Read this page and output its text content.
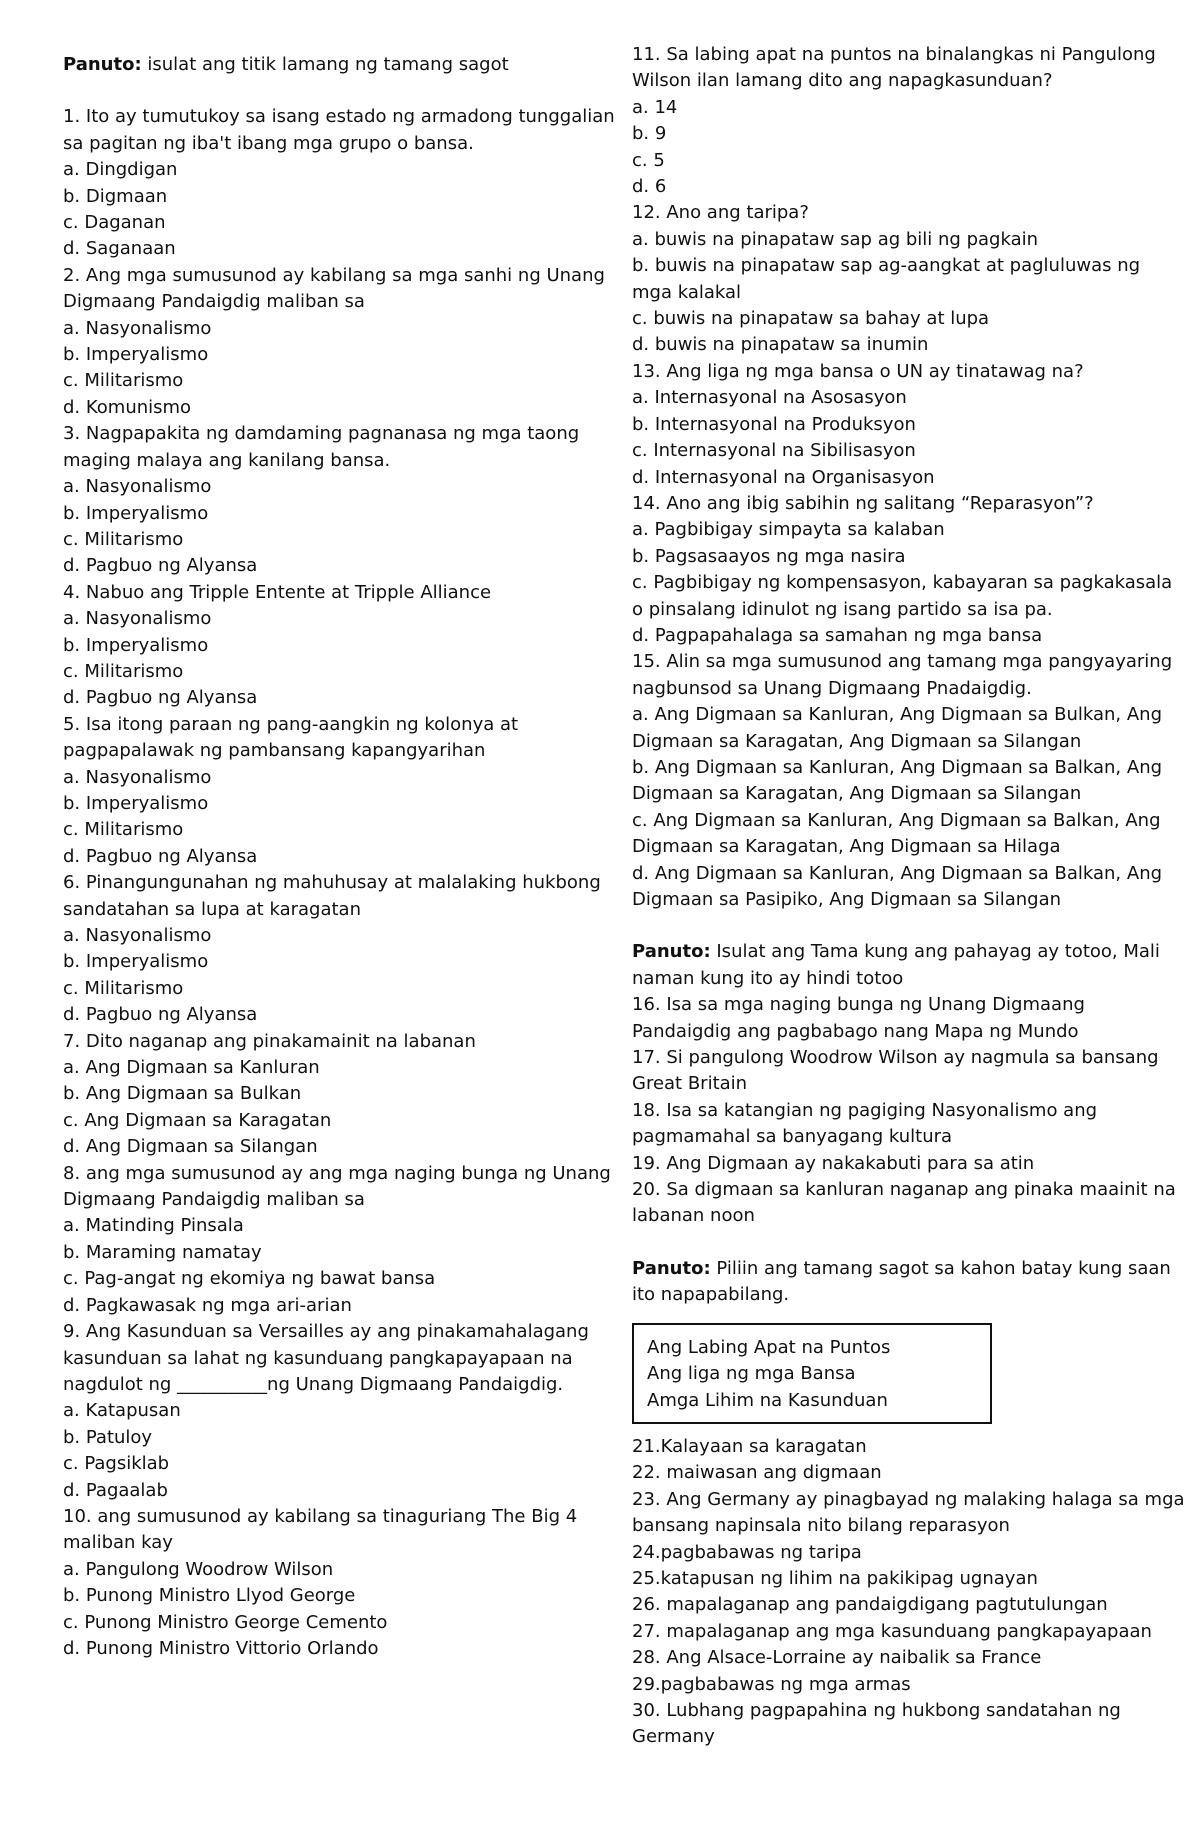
Panuto: isulat ang titik lamang ng tamang sagot
1. Ito ay tumutukoy sa isang estado ng armadong tunggalian
sa pagitan ng iba't ibang mga grupo o bansa.
a. Dingdigan
b. Digmaan
c. Daganan
d. Saganaan
2. Ang mga sumusunod ay kabilang sa mga sanhi ng Unang
Digmaang Pandaigdig maliban sa
a. Nasyonalismo
b. Imperyalismo
c. Militarismo
d. Komunismo
3. Nagpapakita ng damdaming pagnanasa ng mga taong
maging malaya ang kanilang bansa.
a. Nasyonalismo
b. Imperyalismo
c. Militarismo
d. Pagbuo ng Alyansa
4. Nabuo ang Tripple Entente at Tripple Alliance
a. Nasyonalismo
b. Imperyalismo
c. Militarismo
d. Pagbuo ng Alyansa
5. Isa itong paraan ng pang-aangkin ng kolonya at
pagpapalawak ng pambansang kapangyarihan
a. Nasyonalismo
b. Imperyalismo
c. Militarismo
d. Pagbuo ng Alyansa
6. Pinangungunahan ng mahuhusay at malalaking hukbong
sandatahan sa lupa at karagatan
a. Nasyonalismo
b. Imperyalismo
c. Militarismo
d. Pagbuo ng Alyansa
7. Dito naganap ang pinakamainit na labanan
a. Ang Digmaan sa Kanluran
b. Ang Digmaan sa Bulkan
c. Ang Digmaan sa Karagatan
d. Ang Digmaan sa Silangan
8. ang mga sumusunod ay ang mga naging bunga ng Unang
Digmaang Pandaigdig maliban sa
a. Matinding Pinsala
b. Maraming namatay
c. Pag-angat ng ekomiya ng bawat bansa
d. Pagkawasak ng mga ari-arian
9. Ang Kasunduan sa Versailles ay ang pinakamahalagang
kasunduan sa lahat ng kasunduang pangkapayapaan na
nagdulot ng __________ng Unang Digmaang Pandaigdig.
a. Katapusan
b. Patuloy
c. Pagsiklab
d. Pagaalab
10. ang sumusunod ay kabilang sa tinaguriang The Big 4
maliban kay
a. Pangulong Woodrow Wilson
b. Punong Ministro Llyod George
c. Punong Ministro George Cemento
d. Punong Ministro Vittorio Orlando
11. Sa labing apat na puntos na binalangkas ni Pangulong
Wilson ilan lamang dito ang napagkasunduan?
a. 14
b. 9
c. 5
d. 6
12. Ano ang taripa?
a. buwis na pinapataw sap ag bili ng pagkain
b. buwis na pinapataw sap ag-aangkat at pagluluwas ng
mga kalakal
c. buwis na pinapataw sa bahay at lupa
d. buwis na pinapataw sa inumin
13. Ang liga ng mga bansa o UN ay tinatawag na?
a. Internasyonal na Asosasyon
b. Internasyonal na Produksyon
c. Internasyonal na Sibilisasyon
d. Internasyonal na Organisasyon
14. Ano ang ibig sabihin ng salitang “Reparasyon”?
a. Pagbibigay simpayta sa kalaban
b. Pagsasaayos ng mga nasira
c. Pagbibigay ng kompensasyon, kabayaran sa pagkakasala
o pinsalang idinulot ng isang partido sa isa pa.
d. Pagpapahalaga sa samahan ng mga bansa
15. Alin sa mga sumusunod ang tamang mga pangyayaring
nagbunsod sa Unang Digmaang Pnadaigdig.
a. Ang Digmaan sa Kanluran, Ang Digmaan sa Bulkan, Ang
Digmaan sa Karagatan, Ang Digmaan sa Silangan
b. Ang Digmaan sa Kanluran, Ang Digmaan sa Balkan, Ang
Digmaan sa Karagatan, Ang Digmaan sa Silangan
c. Ang Digmaan sa Kanluran, Ang Digmaan sa Balkan, Ang
Digmaan sa Karagatan, Ang Digmaan sa Hilaga
d. Ang Digmaan sa Kanluran, Ang Digmaan sa Balkan, Ang
Digmaan sa Pasipiko, Ang Digmaan sa Silangan
Panuto: Isulat ang Tama kung ang pahayag ay totoo, Mali
naman kung ito ay hindi totoo
16. Isa sa mga naging bunga ng Unang Digmaang
Pandaigdig ang pagbabago nang Mapa ng Mundo
17. Si pangulong Woodrow Wilson ay nagmula sa bansang
Great Britain
18. Isa sa katangian ng pagiging Nasyonalismo ang
pagmamahal sa banyagang kultura
19. Ang Digmaan ay nakakabuti para sa atin
20. Sa digmaan sa kanluran naganap ang pinaka maainit na
labanan noon
Panuto: Piliin ang tamang sagot sa kahon batay kung saan
ito napapabilang.
Ang Labing Apat na Puntos
Ang liga ng mga Bansa
Amga Lihim na Kasunduan
21.Kalayaan sa karagatan
22. maiwasan ang digmaan
23. Ang Germany ay pinagbayad ng malaking halaga sa mga
bansang napinsala nito bilang reparasyon
24.pagbabawas ng taripa
25.katapusan ng lihim na pakikipag ugnayan
26. mapalaganap ang pandaigdigang pagtutulungan
27. mapalaganap ang mga kasunduang pangkapayapaan
28. Ang Alsace-Lorraine ay naibalik sa France
29.pagbabawas ng mga armas
30. Lubhang pagpapahina ng hukbong sandatahan ng
Germany
